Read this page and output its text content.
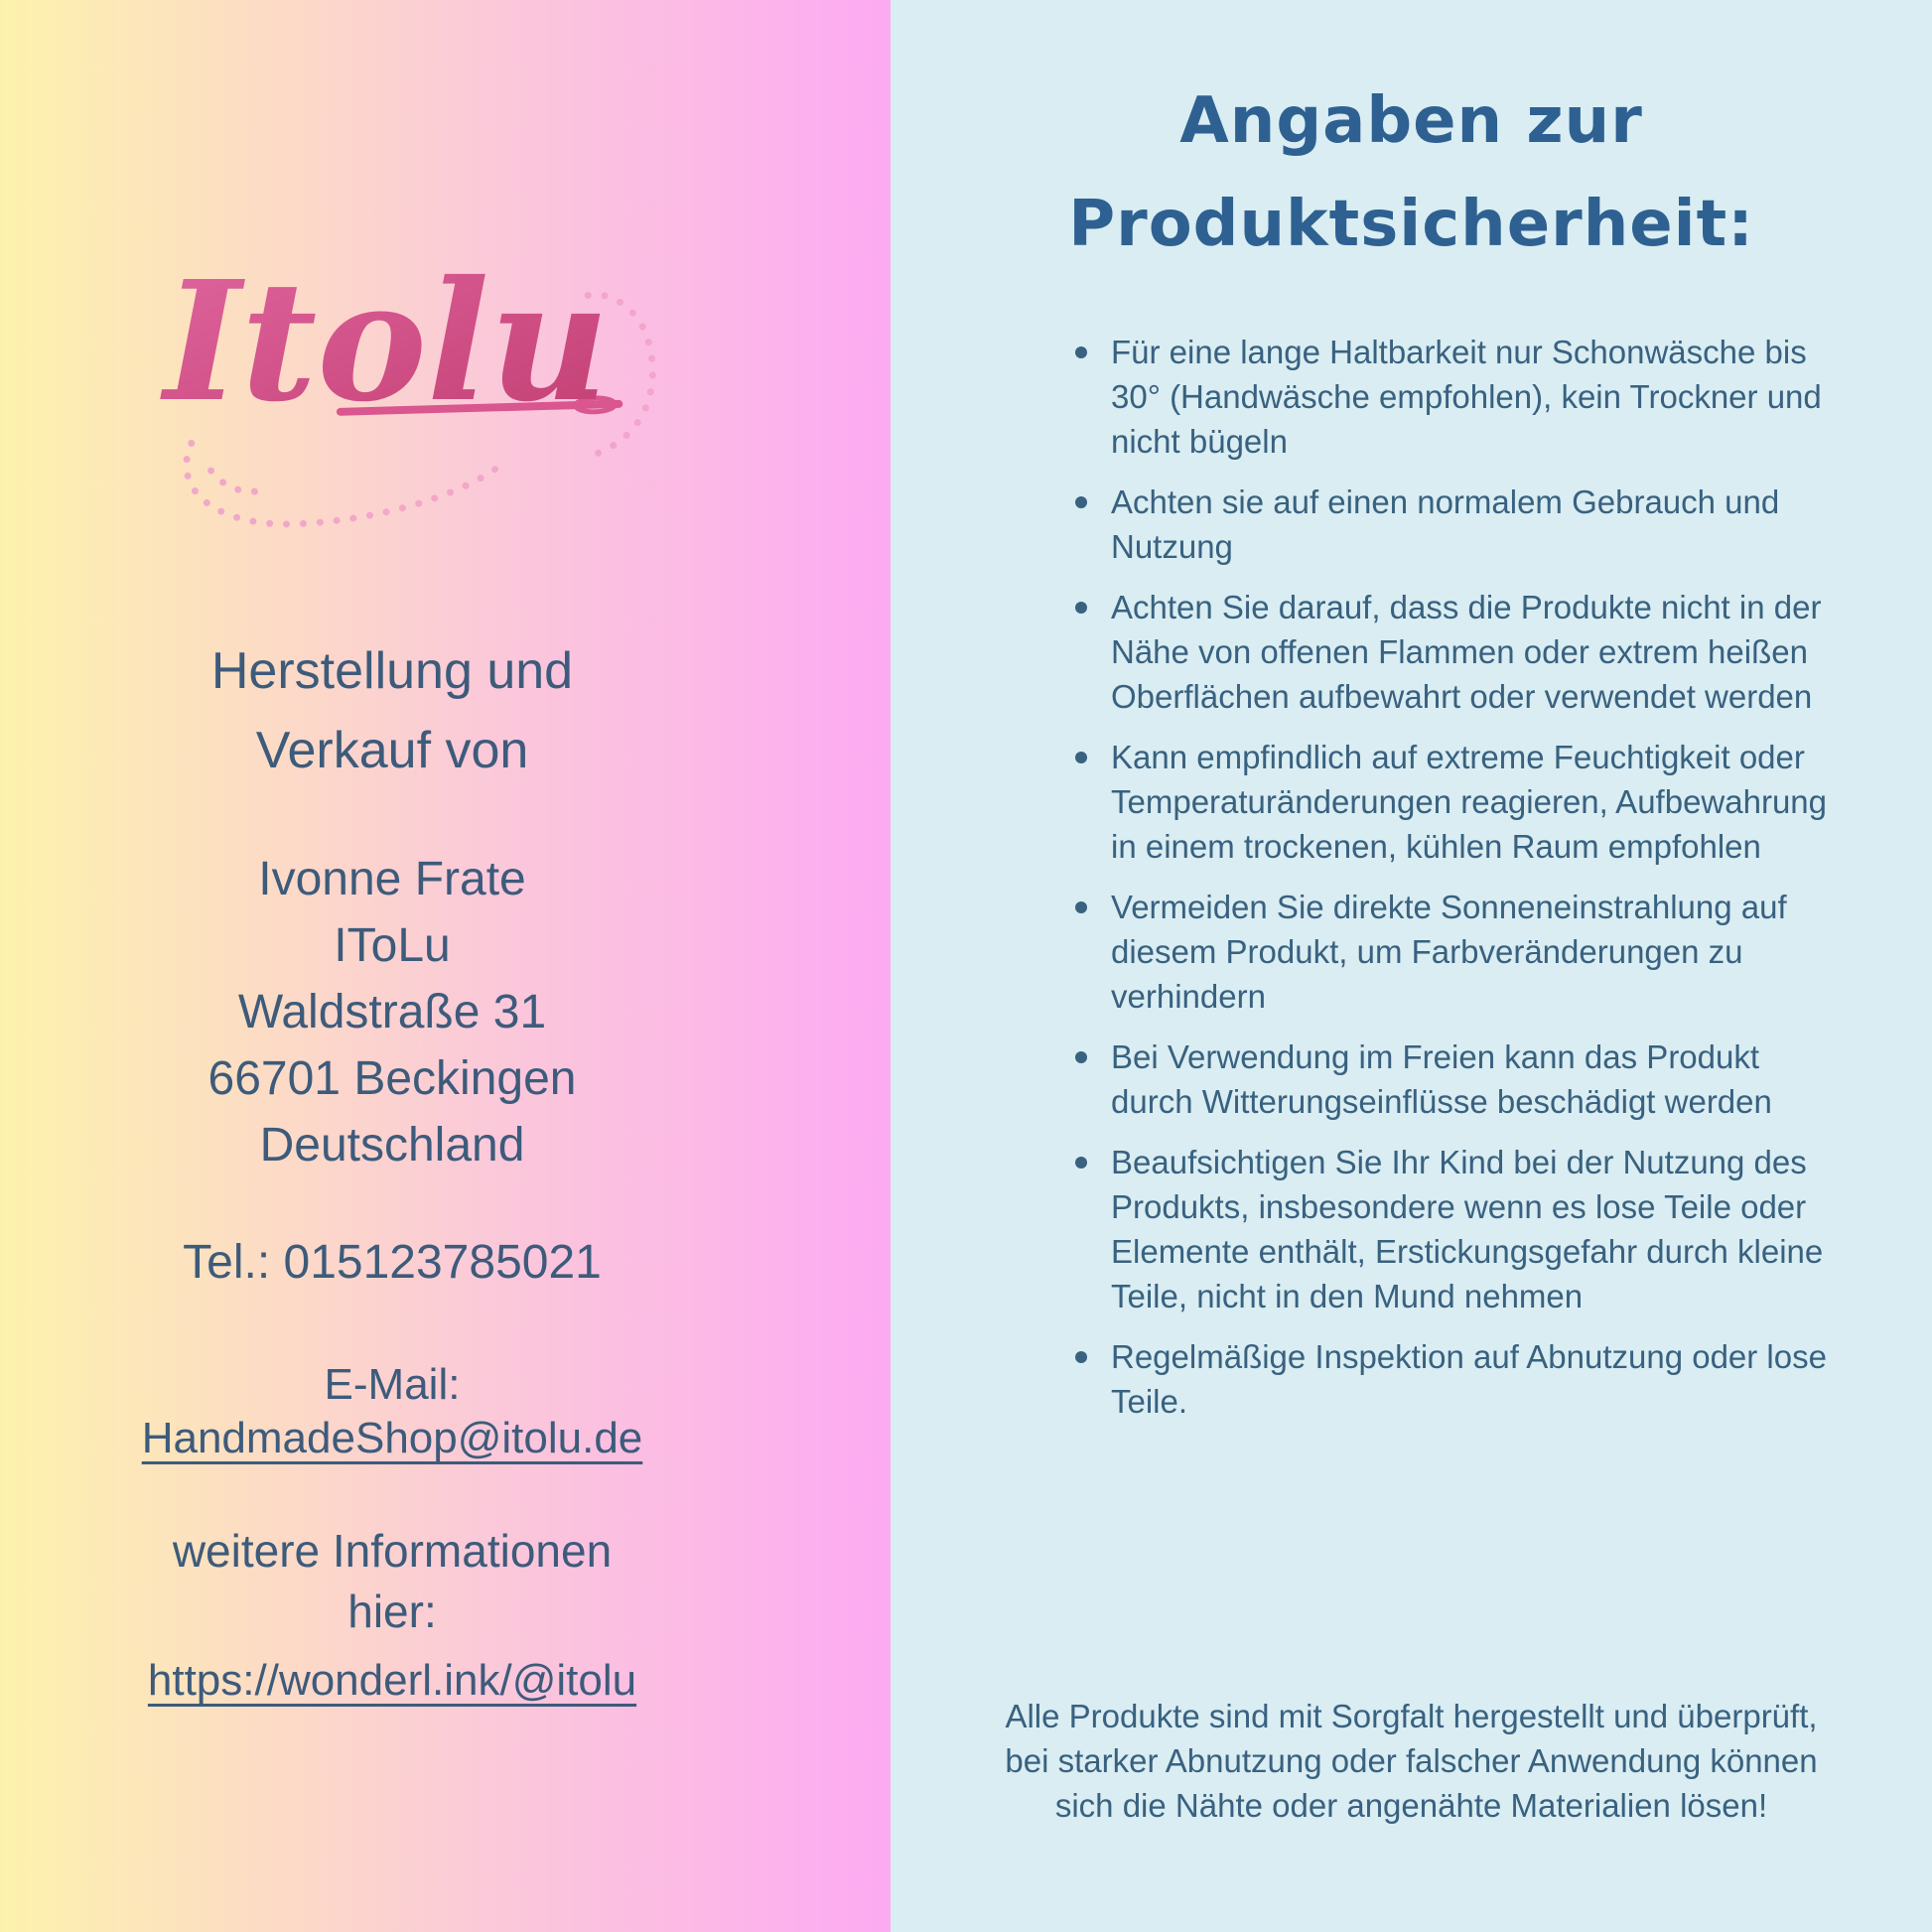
Itolu
Herstellung und
Verkauf von
Ivonne Frate
IToLu
Waldstraße 31
66701 Beckingen
Deutschland
Tel.: 015123785021
E-Mail:
HandmadeShop@itolu.de
weitere Informationen
hier:
https://wonderl.ink/@itolu
Angaben zur
Produktsicherheit:
Für eine lange Haltbarkeit nur Schonwäsche bis 30° (Handwäsche empfohlen), kein Trockner und nicht bügeln
Achten sie auf einen normalem Gebrauch und Nutzung
Achten Sie darauf, dass die Produkte nicht in der Nähe von offenen Flammen oder extrem heißen Oberflächen aufbewahrt oder verwendet werden
Kann empfindlich auf extreme Feuchtigkeit oder Temperaturänderungen reagieren, Aufbewahrung in einem trockenen, kühlen Raum empfohlen
Vermeiden Sie direkte Sonneneinstrahlung auf diesem Produkt, um Farbveränderungen zu verhindern
Bei Verwendung im Freien kann das Produkt durch Witterungseinflüsse beschädigt werden
Beaufsichtigen Sie Ihr Kind bei der Nutzung des Produkts, insbesondere wenn es lose Teile oder Elemente enthält, Erstickungsgefahr durch kleine Teile, nicht in den Mund nehmen
Regelmäßige Inspektion auf Abnutzung oder lose Teile.
Alle Produkte sind mit Sorgfalt hergestellt und überprüft, bei starker Abnutzung oder falscher Anwendung können sich die Nähte oder angenähte Materialien lösen!
